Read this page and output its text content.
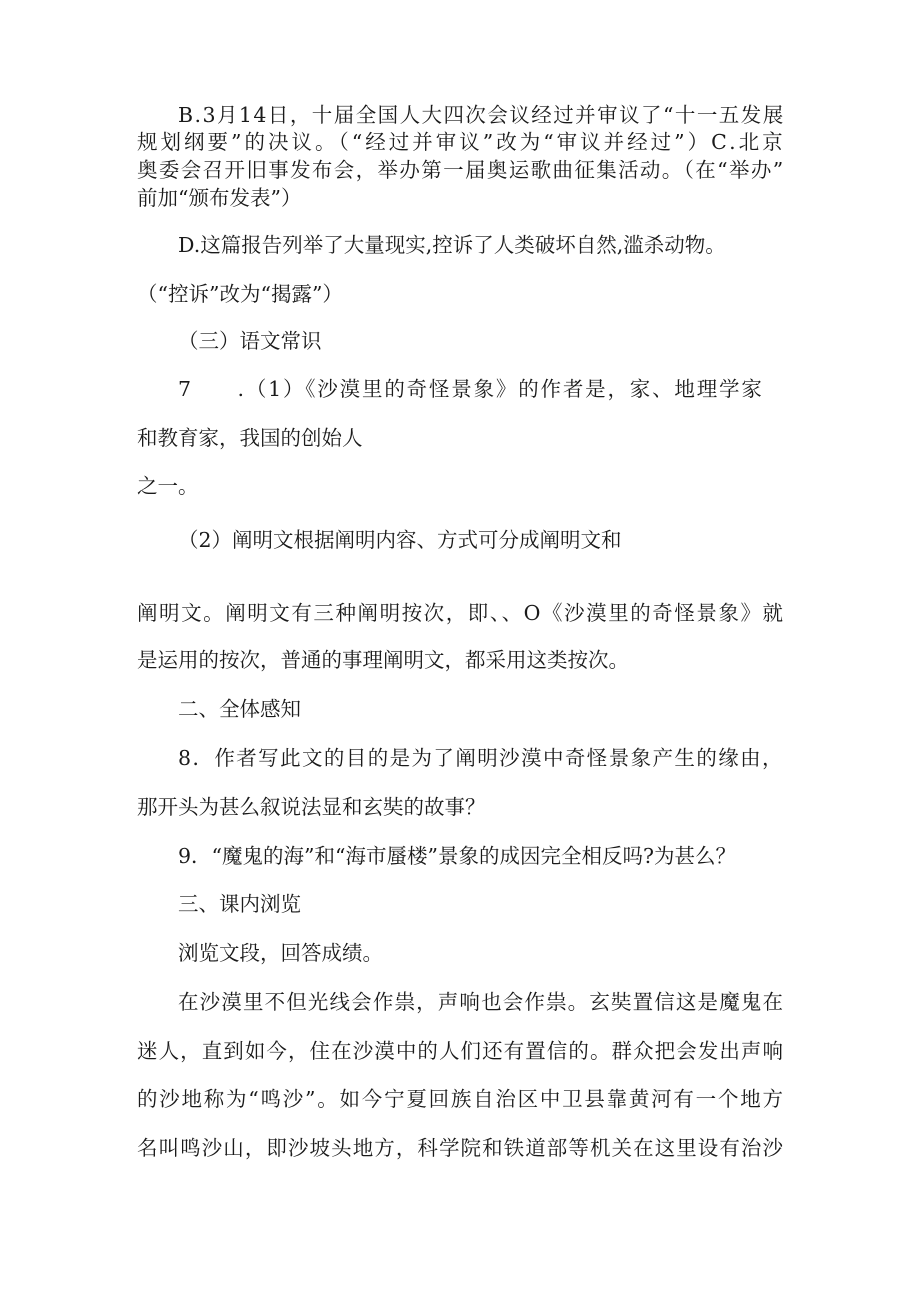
B.3月14日，十届全国人大四次会议经过并审议了“十一五发展
规划纲要”的决议。（“经过并审议”改为“审议并经过”）C.北京
奥委会召开旧事发布会，举办第一届奥运歌曲征集活动。（在“举办”
前加“颁布发表”）
D.这篇报告列举了大量现实,控诉了人类破坏自然,滥杀动物。
（“控诉”改为“揭露”）
（三）语文常识
7　　.（1）《沙漠里的奇怪景象》的作者是，家、地理学家
和教育家，我国的创始人
之一。
（2）阐明文根据阐明内容、方式可分成阐明文和
阐明文。阐明文有三种阐明按次，即、、O《沙漠里的奇怪景象》就
是运用的按次，普通的事理阐明文，都采用这类按次。
二、全体感知
8．作者写此文的目的是为了阐明沙漠中奇怪景象产生的缘由，
那开头为甚么叙说法显和玄奘的故事？
9．“魔鬼的海”和“海市蜃楼”景象的成因完全相反吗?为甚么？
三、课内浏览
浏览文段，回答成绩。
在沙漠里不但光线会作祟，声响也会作祟。玄奘置信这是魔鬼在
迷人，直到如今，住在沙漠中的人们还有置信的。群众把会发出声响
的沙地称为“鸣沙”。如今宁夏回族自治区中卫县靠黄河有一个地方
名叫鸣沙山，即沙坡头地方，科学院和铁道部等机关在这里设有治沙
